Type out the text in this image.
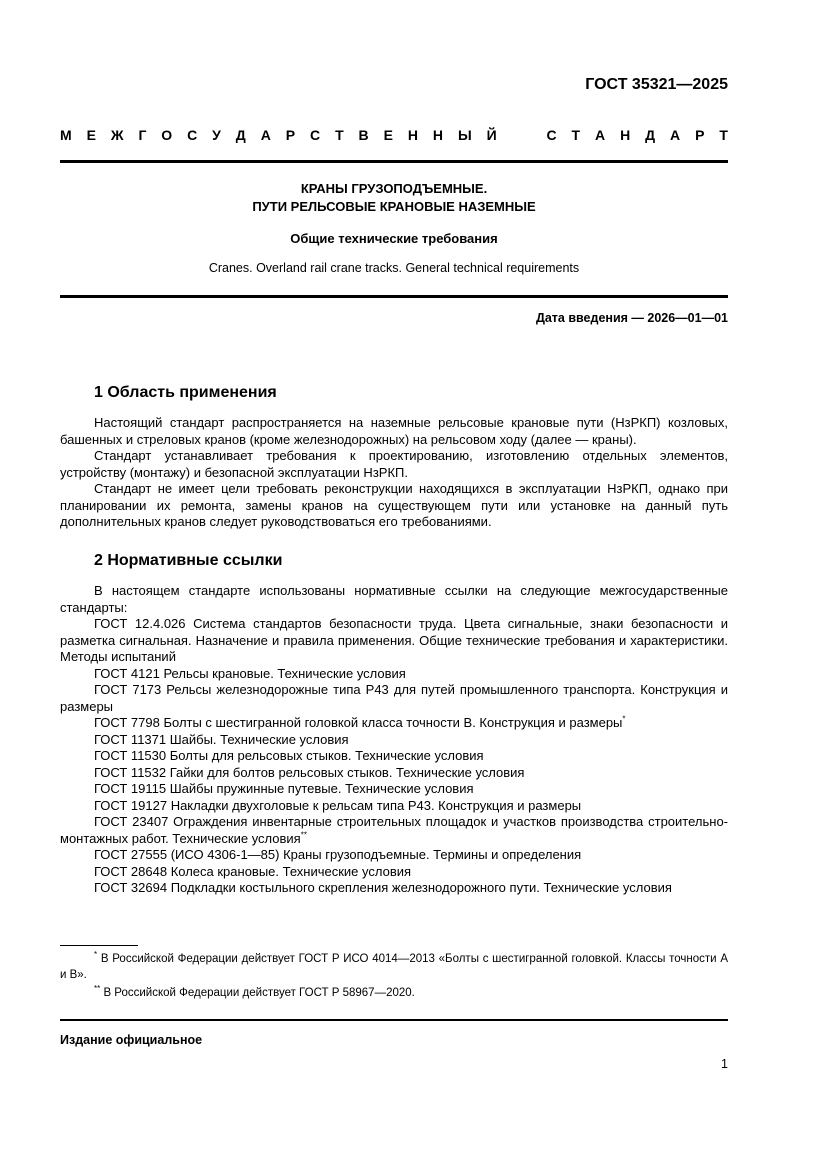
ГОСТ 35321—2025
М Е Ж Г О С У Д А Р С Т В Е Н Н Ы Й	С Т А Н Д А Р Т
КРАНЫ ГРУЗОПОДЪЕМНЫЕ.
ПУТИ РЕЛЬСОВЫЕ КРАНОВЫЕ НАЗЕМНЫЕ
Общие технические требования
Cranes. Overland rail crane tracks. General technical requirements
Дата введения — 2026—01—01
1 Область применения

Настоящий стандарт распространяется на наземные рельсовые крановые пути (НзРКП) козловых, башенных и стреловых кранов (кроме железнодорожных) на рельсовом ходу (далее — краны).

Стандарт устанавливает требования к проектированию, изготовлению отдельных элементов, устройству (монтажу) и безопасной эксплуатации НзРКП.

Стандарт не имеет цели требовать реконструкции находящихся в эксплуатации НзРКП, однако при планировании их ремонта, замены кранов на существующем пути или установке на данный путь дополнительных кранов следует руководствоваться его требованиями.

2 Нормативные ссылки
В настоящем стандарте использованы нормативные ссылки на следующие межгосударственные стандарты:
ГОСТ 12.4.026 Система стандартов безопасности труда. Цвета сигнальные, знаки безопасности и разметка сигнальная. Назначение и правила применения. Общие технические требования и характеристики. Методы испытаний
ГОСТ 4121 Рельсы крановые. Технические условия
ГОСТ 7173 Рельсы железнодорожные типа Р43 для путей промышленного транспорта. Конструкция и размеры
ГОСТ 7798 Болты с шестигранной головкой класса точности В. Конструкция и размеры*
ГОСТ 11371 Шайбы. Технические условия
ГОСТ 11530 Болты для рельсовых стыков. Технические условия
ГОСТ 11532 Гайки для болтов рельсовых стыков. Технические условия
ГОСТ 19115 Шайбы пружинные путевые. Технические условия
ГОСТ 19127 Накладки двухголовые к рельсам типа Р43. Конструкция и размеры
ГОСТ 23407 Ограждения инвентарные строительных площадок и участков производства строительно-монтажных работ. Технические условия**
ГОСТ 27555 (ИСО 4306-1—85) Краны грузоподъемные. Термины и определения
ГОСТ 28648 Колеса крановые. Технические условия
ГОСТ 32694 Подкладки костыльного скрепления железнодорожного пути. Технические условия
* В Российской Федерации действует ГОСТ Р ИСО 4014—2013 «Болты с шестигранной головкой. Классы точности А и В».
** В Российской Федерации действует ГОСТ Р 58967—2020.
Издание официальное
1
